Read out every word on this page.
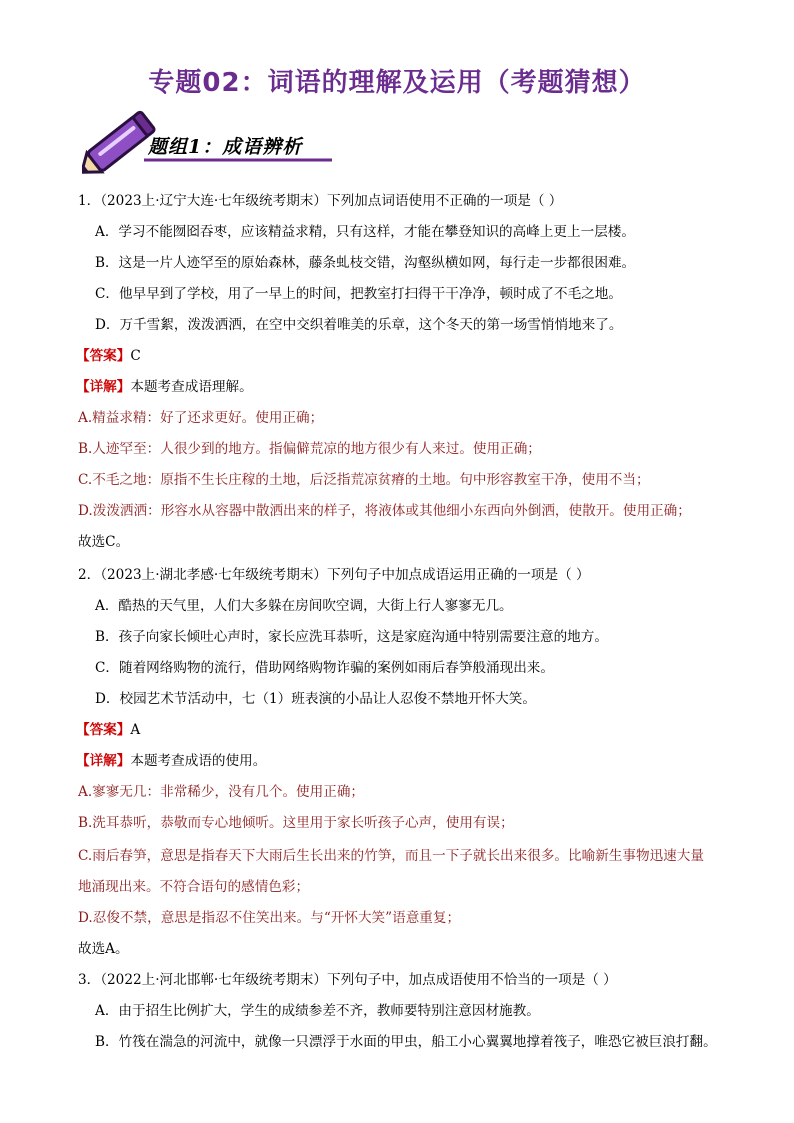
专题02：词语的理解及运用（考题猜想）
题组1：成语辨析
1．（2023上·辽宁大连·七年级统考期末）下列加点词语使用不正确的一项是（ ）
A．学习不能囫囵吞枣，应该精益求精，只有这样，才能在攀登知识的高峰上更上一层楼。
B．这是一片人迹罕至的原始森林，藤条虬枝交错，沟壑纵横如网，每行走一步都很困难。
C．他早早到了学校，用了一早上的时间，把教室打扫得干干净净，顿时成了不毛之地。
D．万千雪絮，泼泼洒洒，在空中交织着唯美的乐章，这个冬天的第一场雪悄悄地来了。
【答案】C
【详解】本题考查成语理解。
A.精益求精：好了还求更好。使用正确；
B.人迹罕至：人很少到的地方。指偏僻荒凉的地方很少有人来过。使用正确；
C.不毛之地：原指不生长庄稼的土地，后泛指荒凉贫瘠的土地。句中形容教室干净，使用不当；
D.泼泼洒洒：形容水从容器中散洒出来的样子，将液体或其他细小东西向外倒洒，使散开。使用正确；
故选C。
2．（2023上·湖北孝感·七年级统考期末）下列句子中加点成语运用正确的一项是（ ）
A．酷热的天气里，人们大多躲在房间吹空调，大街上行人寥寥无几。
B．孩子向家长倾吐心声时，家长应洗耳恭听，这是家庭沟通中特别需要注意的地方。
C．随着网络购物的流行，借助网络购物诈骗的案例如雨后春笋般涌现出来。
D．校园艺术节活动中，七（1）班表演的小品让人忍俊不禁地开怀大笑。
【答案】A
【详解】本题考查成语的使用。
A.寥寥无几：非常稀少，没有几个。使用正确；
B.洗耳恭听，恭敬而专心地倾听。这里用于家长听孩子心声，使用有误；
C.雨后春笋，意思是指春天下大雨后生长出来的竹笋，而且一下子就长出来很多。比喻新生事物迅速大量
地涌现出来。不符合语句的感情色彩；
D.忍俊不禁，意思是指忍不住笑出来。与“开怀大笑”语意重复；
故选A。
3．（2022上·河北邯郸·七年级统考期末）下列句子中，加点成语使用不恰当的一项是（ ）
A．由于招生比例扩大，学生的成绩参差不齐，教师要特别注意因材施教。
B．竹筏在湍急的河流中，就像一只漂浮于水面的甲虫，船工小心翼翼地撑着筏子，唯恐它被巨浪打翻。
